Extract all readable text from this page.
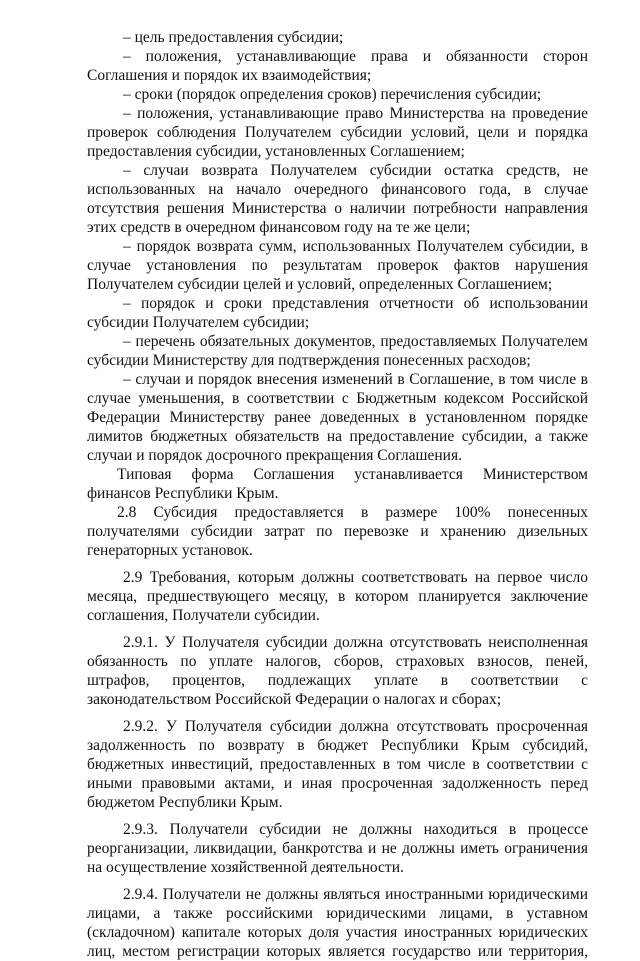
– цель предоставления субсидии;

– положения, устанавливающие права и обязанности сторон Соглашения и порядок их взаимодействия;

– сроки (порядок определения сроков) перечисления субсидии;

– положения, устанавливающие право Министерства на проведение проверок соблюдения Получателем субсидии условий, цели и порядка предоставления субсидии, установленных Соглашением;

– случаи возврата Получателем субсидии остатка средств, не использованных на начало очередного финансового года, в случае отсутствия решения Министерства о наличии потребности направления этих средств в очередном финансовом году на те же цели;

– порядок возврата сумм, использованных Получателем субсидии, в случае установления по результатам проверок фактов нарушения Получателем субсидии целей и условий, определенных Соглашением;

– порядок и сроки представления отчетности об использовании субсидии Получателем субсидии;

– перечень обязательных документов, предоставляемых Получателем субсидии Министерству для подтверждения понесенных расходов;

– случаи и порядок внесения изменений в Соглашение, в том числе в случае уменьшения, в соответствии с Бюджетным кодексом Российской Федерации Министерству ранее доведенных в установленном порядке лимитов бюджетных обязательств на предоставление субсидии, а также случаи и порядок досрочного прекращения Соглашения.

Типовая форма Соглашения устанавливается Министерством финансов Республики Крым.

2.8 Субсидия предоставляется в размере 100% понесенных получателями субсидии затрат по перевозке и хранению дизельных генераторных установок.

2.9 Требования, которым должны соответствовать на первое число месяца, предшествующего месяцу, в котором планируется заключение соглашения, Получатели субсидии.

2.9.1. У Получателя субсидии должна отсутствовать неисполненная обязанность по уплате налогов, сборов, страховых взносов, пеней, штрафов, процентов, подлежащих уплате в соответствии с законодательством Российской Федерации о налогах и сборах;

2.9.2. У Получателя субсидии должна отсутствовать просроченная задолженность по возврату в бюджет Республики Крым субсидий, бюджетных инвестиций, предоставленных в том числе в соответствии с иными правовыми актами, и иная просроченная задолженность перед бюджетом Республики Крым.

2.9.3. Получатели субсидии не должны находиться в процессе реорганизации, ликвидации, банкротства и не должны иметь ограничения на осуществление хозяйственной деятельности.

2.9.4. Получатели не должны являться иностранными юридическими лицами, а также российскими юридическими лицами, в уставном (складочном) капитале которых доля участия иностранных юридических лиц, местом регистрации которых является государство или территория,
